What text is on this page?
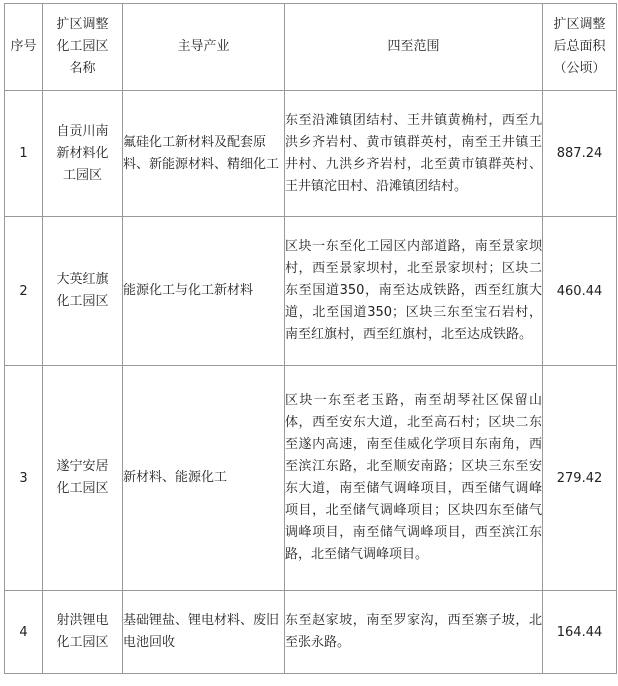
序号	扩区调整化工园区名称	主导产业	四至范围	扩区调整后总面积（公顷）
1	自贡川南新材料化工园区	氟硅化工新材料及配套原料、新能源材料、精细化工	东至沿滩镇团结村、王井镇黄桷村，西至九洪乡齐岩村、黄市镇群英村，南至王井镇王井村、九洪乡齐岩村，北至黄市镇群英村、王井镇沱田村、沿滩镇团结村。	887.24
2	大英红旗化工园区	能源化工与化工新材料	区块一东至化工园区内部道路，南至景家坝村，西至景家坝村，北至景家坝村；区块二东至国道350，南至达成铁路，西至红旗大道，北至国道350；区块三东至宝石岩村，南至红旗村，西至红旗村，北至达成铁路。	460.44
3	遂宁安居化工园区	新材料、能源化工	区块一东至老玉路，南至胡琴社区保留山体，西至安东大道，北至高石村；区块二东至遂内高速，南至佳威化学项目东南角，西至滨江东路，北至顺安南路；区块三东至安东大道，南至储气调峰项目，西至储气调峰项目，北至储气调峰项目；区块四东至储气调峰项目，南至储气调峰项目，西至滨江东路，北至储气调峰项目。	279.42
4	射洪锂电化工园区	基础锂盐、锂电材料、废旧电池回收	东至赵家坡，南至罗家沟，西至寨子坡，北至张永路。	164.44
